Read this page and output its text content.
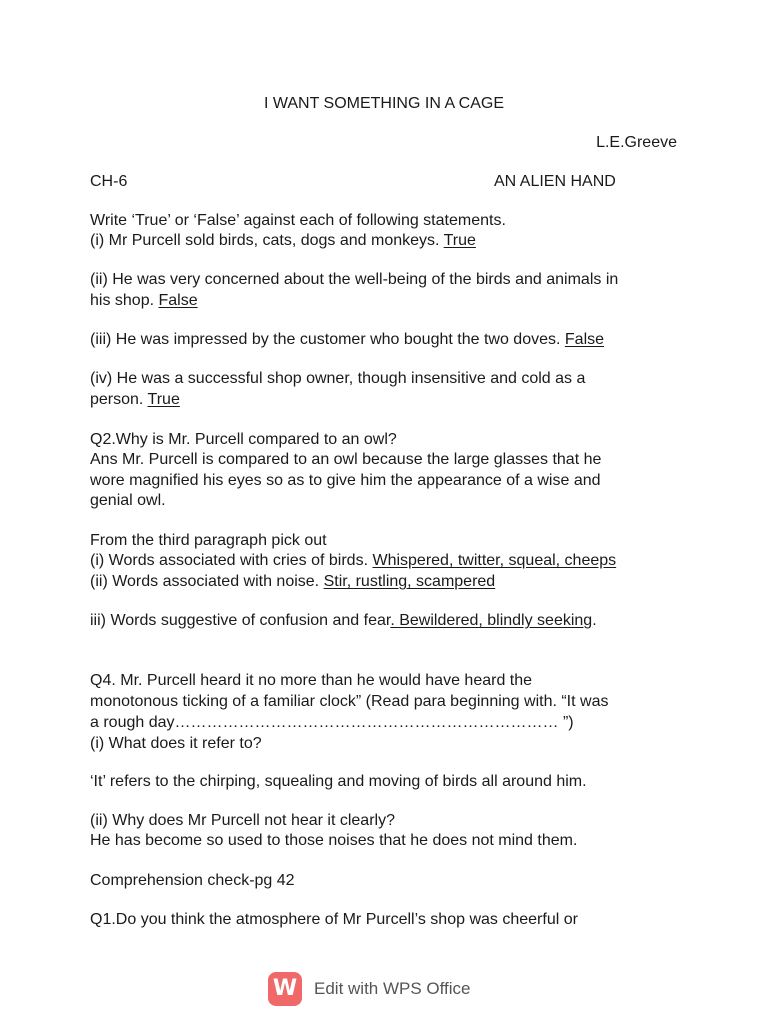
I WANT SOMETHING IN A CAGE
L.E.Greeve
CH-6	AN ALIEN HAND
Write ‘True’ or ‘False’ against each of following statements.
(i) Mr Purcell sold birds, cats, dogs and monkeys. True
(ii) He was very concerned about the well-being of the birds and animals in
his shop. False
(iii) He was impressed by the customer who bought the two doves. False
(iv) He was a successful shop owner, though insensitive and cold as a
person. True
Q2.Why is Mr. Purcell compared to an owl?
Ans Mr. Purcell is compared to an owl because the large glasses that he
wore magnified his eyes so as to give him the appearance of a wise and
genial owl.
From the third paragraph pick out
(i) Words associated with cries of birds. Whispered, twitter, squeal, cheeps
(ii) Words associated with noise. Stir, rustling, scampered
iii) Words suggestive of confusion and fear. Bewildered, blindly seeking.
Q4. Mr. Purcell heard it no more than he would have heard the
monotonous ticking of a familiar clock” (Read para beginning with. “It was
a rough day……………………………………………………………… ”)
(i) What does it refer to?
‘It’ refers to the chirping, squealing and moving of birds all around him.
(ii) Why does Mr Purcell not hear it clearly?
He has become so used to those noises that he does not mind them.
Comprehension check-pg 42
Q1.Do you think the atmosphere of Mr Purcell’s shop was cheerful or
W Edit with WPS Office
